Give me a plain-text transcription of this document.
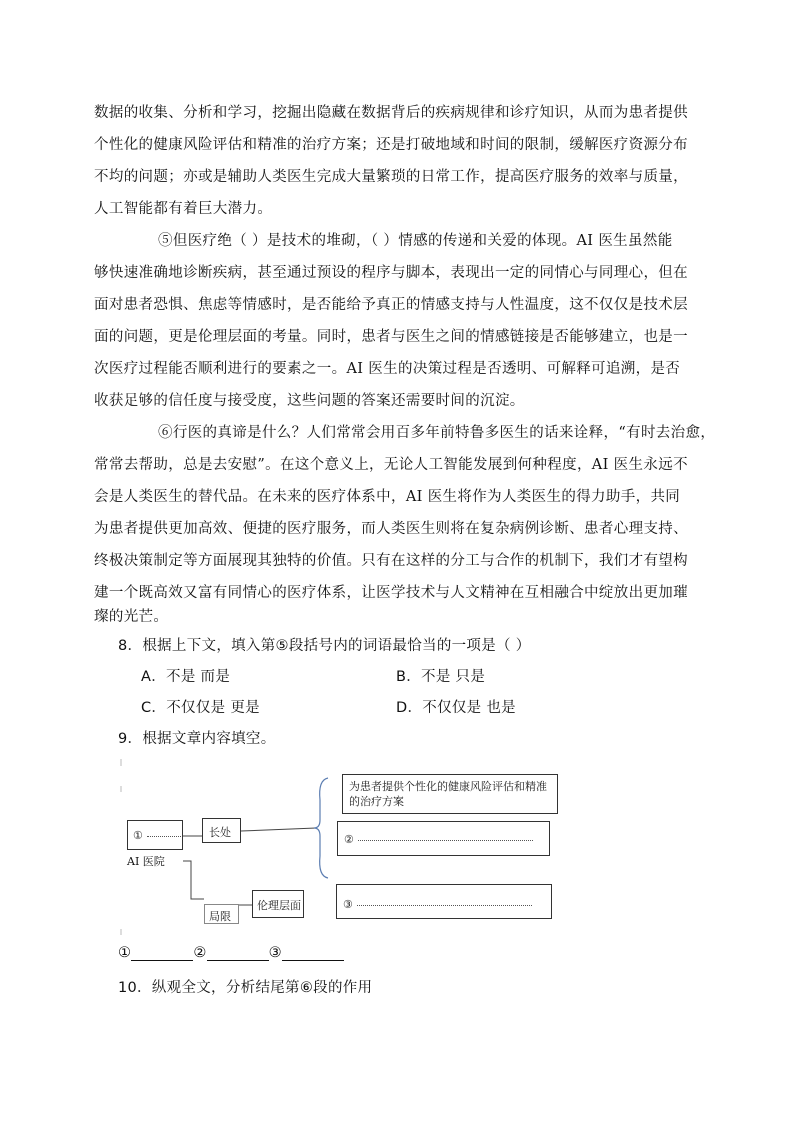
数据的收集、分析和学习，挖掘出隐藏在数据背后的疾病规律和诊疗知识，从而为患者提供
个性化的健康风险评估和精准的治疗方案；还是打破地域和时间的限制，缓解医疗资源分布
不均的问题；亦或是辅助人类医生完成大量繁琐的日常工作，提高医疗服务的效率与质量，
人工智能都有着巨大潜力。
⑤但医疗绝（ ）是技术的堆砌，（ ）情感的传递和关爱的体现。AI 医生虽然能
够快速准确地诊断疾病，甚至通过预设的程序与脚本，表现出一定的同情心与同理心，但在
面对患者恐惧、焦虑等情感时，是否能给予真正的情感支持与人性温度，这不仅仅是技术层
面的问题，更是伦理层面的考量。同时，患者与医生之间的情感链接是否能够建立，也是一
次医疗过程能否顺利进行的要素之一。AI 医生的决策过程是否透明、可解释可追溯，是否
收获足够的信任度与接受度，这些问题的答案还需要时间的沉淀。
⑥行医的真谛是什么？人们常常会用百多年前特鲁多医生的话来诠释，“有时去治愈，
常常去帮助，总是去安慰”。在这个意义上，无论人工智能发展到何种程度，AI 医生永远不
会是人类医生的替代品。在未来的医疗体系中，AI 医生将作为人类医生的得力助手，共同
为患者提供更加高效、便捷的医疗服务，而人类医生则将在复杂病例诊断、患者心理支持、
终极决策制定等方面展现其独特的价值。只有在这样的分工与合作的机制下，我们才有望构
建一个既高效又富有同情心的医疗体系，让医学技术与人文精神在互相融合中绽放出更加璀
璨的光芒。
8．根据上下文，填入第⑤段括号内的词语最恰当的一项是（ ）
A．不是 而是	B．不是 只是
C．不仅仅是 更是	D．不仅仅是 也是
9．根据文章内容填空。
①	长处
AI 医院
局限
伦理层面
为患者提供个性化的健康风险评估和精准的治疗方案
②
③
①	②	③
10．纵观全文，分析结尾第⑥段的作用
